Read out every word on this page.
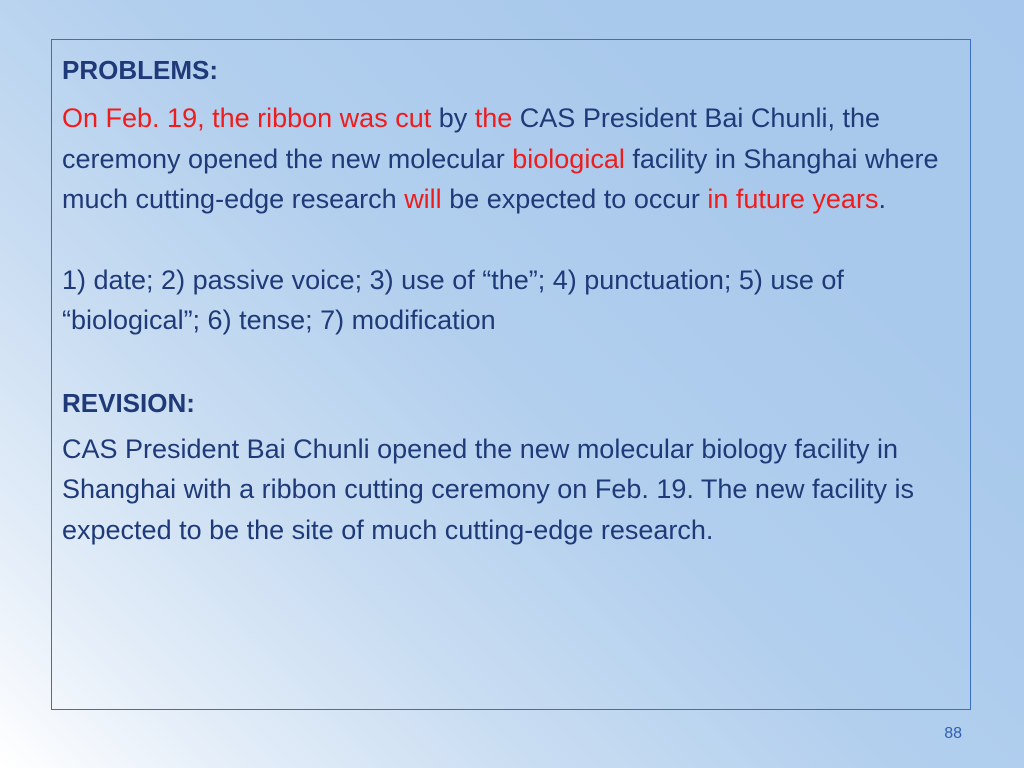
PROBLEMS:

On Feb. 19, the ribbon was cut by the CAS President Bai Chunli, the ceremony opened the new molecular biological facility in Shanghai where much cutting-edge research will be expected to occur in future years.

1) date; 2) passive voice; 3) use of “the”; 4) punctuation; 5) use of “biological”; 6) tense; 7) modification

REVISION:

CAS President Bai Chunli opened the new molecular biology facility in Shanghai with a ribbon cutting ceremony on Feb. 19. The new facility is expected to be the site of much cutting-edge research.

88
